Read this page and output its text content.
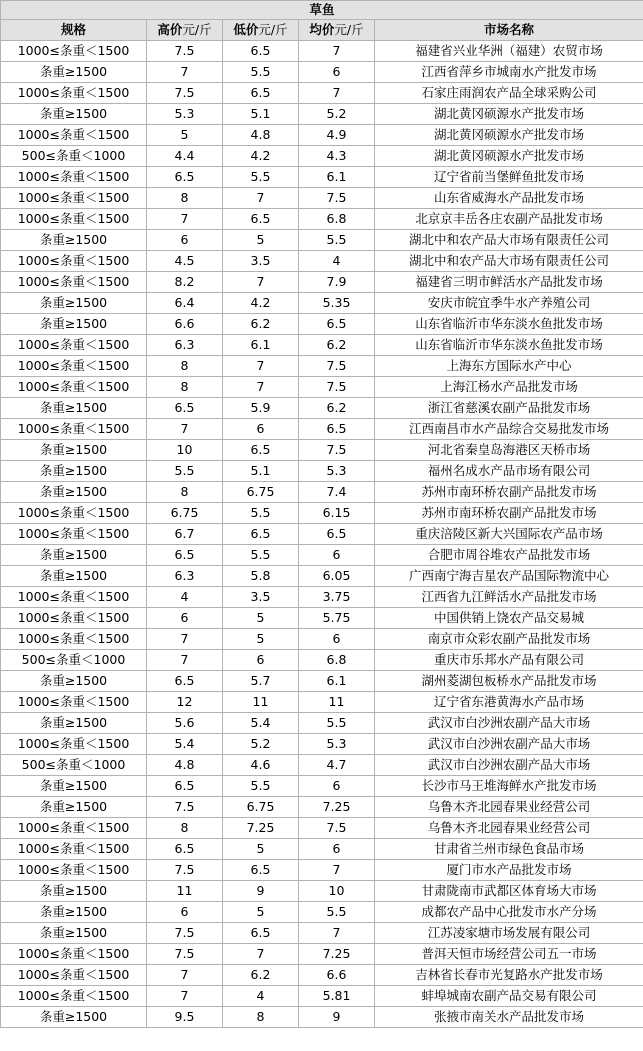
草鱼				
规格	高价元/斤	低价元/斤	均价元/斤	市场名称
1000≤条重＜1500	7.5	6.5	7	福建省兴业华洲（福建）农贸市场
条重≥1500	7	5.5	6	江西省萍乡市城南水产批发市场
1000≤条重＜1500	7.5	6.5	7	石家庄雨润农产品全球采购公司
条重≥1500	5.3	5.1	5.2	湖北黄冈硕源水产批发市场
1000≤条重＜1500	5	4.8	4.9	湖北黄冈硕源水产批发市场
500≤条重＜1000	4.4	4.2	4.3	湖北黄冈硕源水产批发市场
1000≤条重＜1500	6.5	5.5	6.1	辽宁省前当堡鲜鱼批发市场
1000≤条重＜1500	8	7	7.5	山东省威海水产品批发市场
1000≤条重＜1500	7	6.5	6.8	北京京丰岳各庄农副产品批发市场
条重≥1500	6	5	5.5	湖北中和农产品大市场有限责任公司
1000≤条重＜1500	4.5	3.5	4	湖北中和农产品大市场有限责任公司
1000≤条重＜1500	8.2	7	7.9	福建省三明市鲜活水产品批发市场
条重≥1500	6.4	4.2	5.35	安庆市皖宜季牛水产养殖公司
条重≥1500	6.6	6.2	6.5	山东省临沂市华东淡水鱼批发市场
1000≤条重＜1500	6.3	6.1	6.2	山东省临沂市华东淡水鱼批发市场
1000≤条重＜1500	8	7	7.5	上海东方国际水产中心
1000≤条重＜1500	8	7	7.5	上海江杨水产品批发市场
条重≥1500	6.5	5.9	6.2	浙江省慈溪农副产品批发市场
1000≤条重＜1500	7	6	6.5	江西南昌市水产品综合交易批发市场
条重≥1500	10	6.5	7.5	河北省秦皇岛海港区天桥市场
条重≥1500	5.5	5.1	5.3	福州名成水产品市场有限公司
条重≥1500	8	6.75	7.4	苏州市南环桥农副产品批发市场
1000≤条重＜1500	6.75	5.5	6.15	苏州市南环桥农副产品批发市场
1000≤条重＜1500	6.7	6.5	6.5	重庆涪陵区新大兴国际农产品市场
条重≥1500	6.5	5.5	6	合肥市周谷堆农产品批发市场
条重≥1500	6.3	5.8	6.05	广西南宁海吉星农产品国际物流中心
1000≤条重＜1500	4	3.5	3.75	江西省九江鲜活水产品批发市场
1000≤条重＜1500	6	5	5.75	中国供销上饶农产品交易城
1000≤条重＜1500	7	5	6	南京市众彩农副产品批发市场
500≤条重＜1000	7	6	6.8	重庆市乐邦水产品有限公司
条重≥1500	6.5	5.7	6.1	湖州菱湖包板桥水产品批发市场
1000≤条重＜1500	12	11	11	辽宁省东港黄海水产品市场
条重≥1500	5.6	5.4	5.5	武汉市白沙洲农副产品大市场
1000≤条重＜1500	5.4	5.2	5.3	武汉市白沙洲农副产品大市场
500≤条重＜1000	4.8	4.6	4.7	武汉市白沙洲农副产品大市场
条重≥1500	6.5	5.5	6	长沙市马王堆海鲜水产批发市场
条重≥1500	7.5	6.75	7.25	乌鲁木齐北园春果业经营公司
1000≤条重＜1500	8	7.25	7.5	乌鲁木齐北园春果业经营公司
1000≤条重＜1500	6.5	5	6	甘肃省兰州市绿色食品市场
1000≤条重＜1500	7.5	6.5	7	厦门市水产品批发市场
条重≥1500	11	9	10	甘肃陇南市武都区体育场大市场
条重≥1500	6	5	5.5	成都农产品中心批发市水产分场
条重≥1500	7.5	6.5	7	江苏凌家塘市场发展有限公司
1000≤条重＜1500	7.5	7	7.25	普洱天恒市场经营公司五一市场
1000≤条重＜1500	7	6.2	6.6	吉林省长春市光复路水产批发市场
1000≤条重＜1500	7	4	5.81	蚌埠城南农副产品交易有限公司
条重≥1500	9.5	8	9	张掖市南关水产品批发市场
